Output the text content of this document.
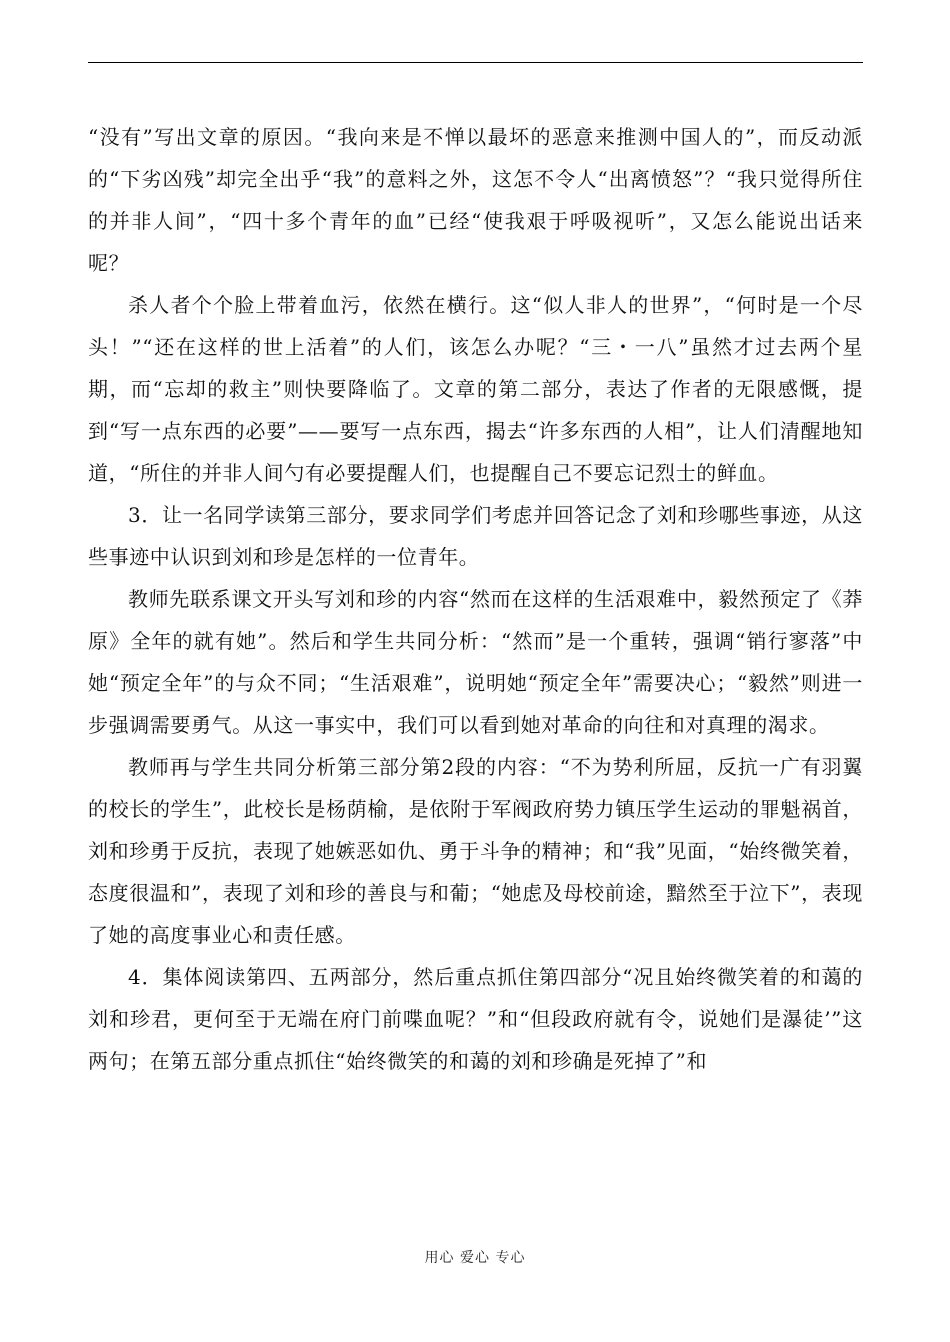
“没有”写出文章的原因。“我向来是不惮以最坏的恶意来推测中国人的”，而反动派的“下劣凶残”却完全出乎“我”的意料之外，这怎不令人“出离愤怒”？“我只觉得所住的并非人间”，“四十多个青年的血”已经“使我艰于呼吸视听”，又怎么能说出话来呢？

杀人者个个脸上带着血污，依然在横行。这“似人非人的世界”，“何时是一个尽头！”“还在这样的世上活着”的人们，该怎么办呢？“三・一八”虽然才过去两个星期，而“忘却的救主”则快要降临了。文章的第二部分，表达了作者的无限感慨，提到“写一点东西的必要”——要写一点东西，揭去“许多东西的人相”，让人们清醒地知道，“所住的并非人间勺有必要提醒人们，也提醒自己不要忘记烈士的鲜血。

3．让一名同学读第三部分，要求同学们考虑并回答记念了刘和珍哪些事迹，从这些事迹中认识到刘和珍是怎样的一位青年。

教师先联系课文开头写刘和珍的内容“然而在这样的生活艰难中，毅然预定了《莽原》全年的就有她”。然后和学生共同分析：“然而”是一个重转，强调“销行寥落”中她“预定全年”的与众不同；“生活艰难”，说明她“预定全年”需要决心；“毅然”则进一步强调需要勇气。从这一事实中，我们可以看到她对革命的向往和对真理的渴求。

教师再与学生共同分析第三部分第2段的内容：“不为势利所屈，反抗一广有羽翼的校长的学生”，此校长是杨荫榆，是依附于军阀政府势力镇压学生运动的罪魁祸首，刘和珍勇于反抗，表现了她嫉恶如仇、勇于斗争的精神；和“我”见面，“始终微笑着，态度很温和”，表现了刘和珍的善良与和葡；“她虑及母校前途，黯然至于泣下”，表现了她的高度事业心和责任感。

4．集体阅读第四、五两部分，然后重点抓住第四部分“况且始终微笑着的和蔼的刘和珍君，更何至于无端在府门前喋血呢？”和“但段政府就有令，说她们是瀑徒’”这两句；在第五部分重点抓住“始终微笑的和蔼的刘和珍确是死掉了”和

用心 爱心 专心
